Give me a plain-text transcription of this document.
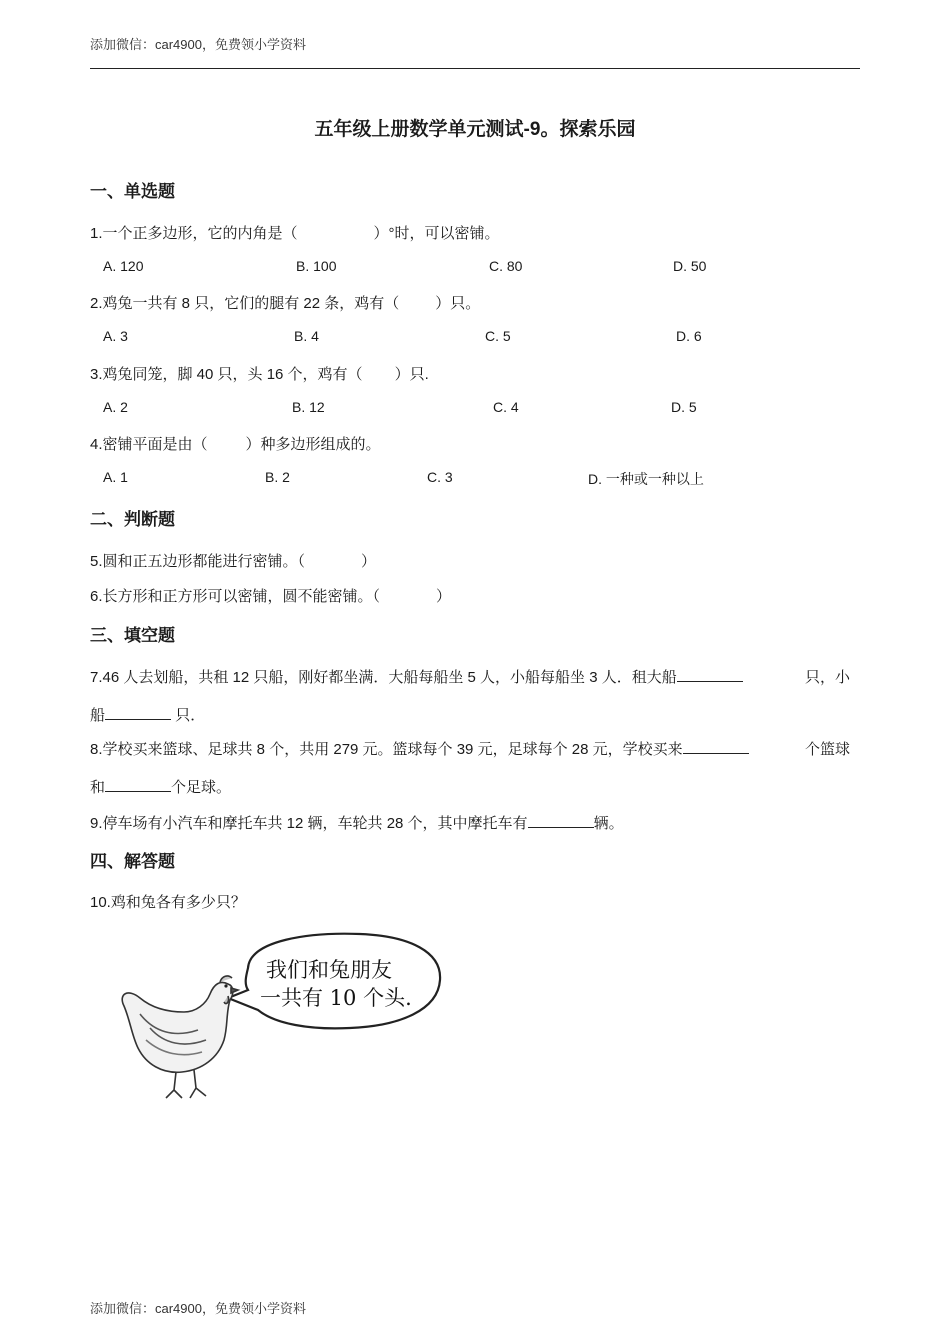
添加微信：car4900，免费领小学资料
五年级上册数学单元测试-9。探索乐园
一、单选题
1.一个正多边形，它的内角是（	）°时，可以密铺。
A. 120	B. 100	C. 80	D. 50
2.鸡兔一共有 8 只，它们的腿有 22 条，鸡有（ ）只。
A. 3	B. 4	C. 5	D. 6
3.鸡兔同笼，脚 40 只，头 16 个，鸡有（ ）只.
A. 2	B. 12	C. 4	D. 5
4.密铺平面是由（	）种多边形组成的。
A. 1	B. 2	C. 3	D. 一种或一种以上
二、判断题
5.圆和正五边形都能进行密铺。（	）
6.长方形和正方形可以密铺，圆不能密铺。（	）
三、填空题
7.46 人去划船，共租 12 只船，刚好都坐满．大船每船坐 5 人，小船每船坐 3 人．租大船	只，小
船	只．
8.学校买来篮球、足球共 8 个，共用 279 元。篮球每个 39 元，足球每个 28 元，学校买来	个篮球
和	个足球。
9.停车场有小汽车和摩托车共 12 辆，车轮共 28 个，其中摩托车有	辆。
四、解答题
10.鸡和兔各有多少只？
我们和兔朋友
一共有 10 个头.
添加微信：car4900，免费领小学资料
